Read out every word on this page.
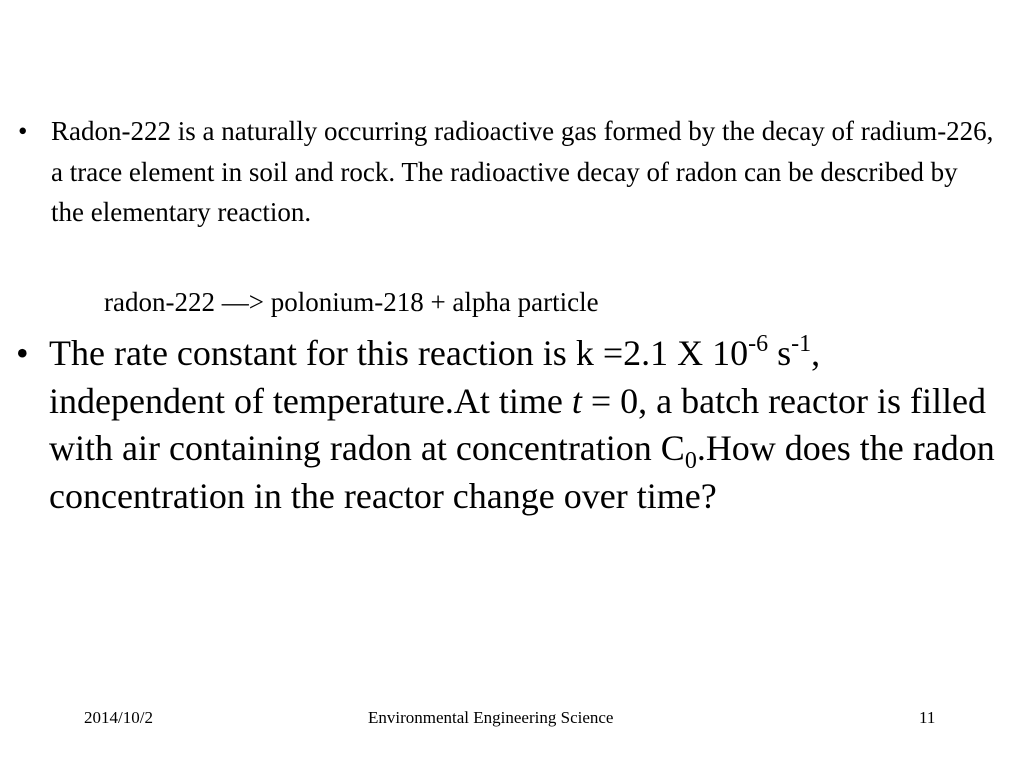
• Radon-222 is a naturally occurring radioactive gas formed by the decay of radium-226, a trace element in soil and rock. The radioactive decay of radon can be described by the elementary reaction.
radon-222 —> polonium-218 + alpha particle
• The rate constant for this reaction is k =2.1 X $10^{-6}$ $s^{-1}$, independent of temperature.At time t = 0, a batch reactor is filled with air containing radon at concentration $C_0.How$ does the radon concentration in the reactor change over time?
2014/10/2	Environmental Engineering Science	11
